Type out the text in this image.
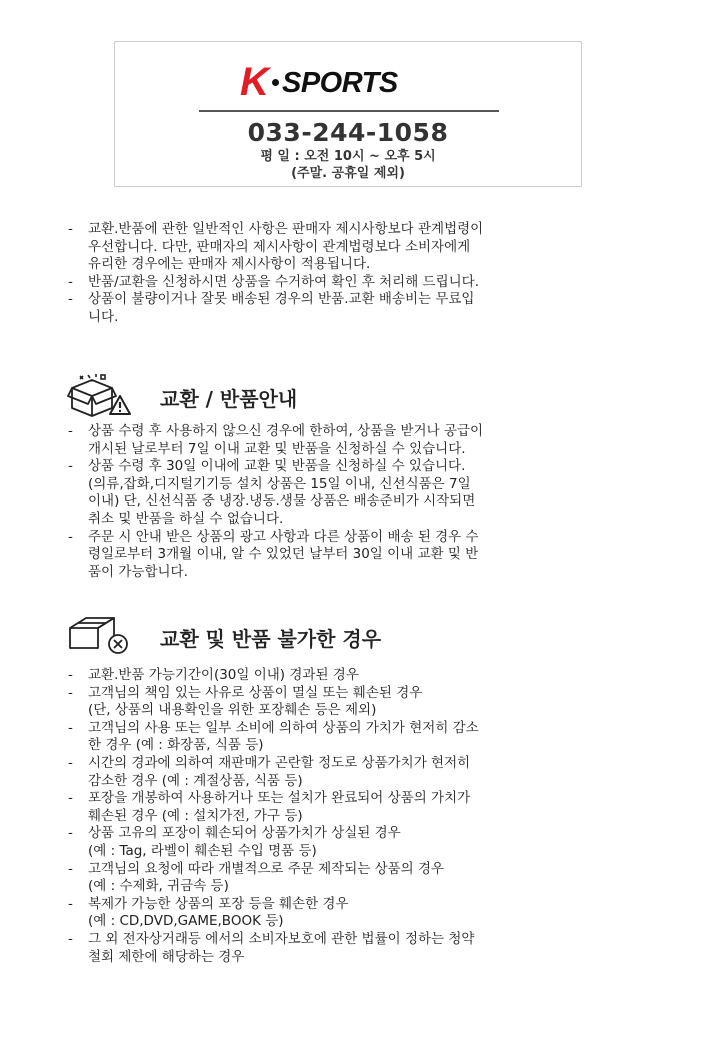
K SPORTS
033-244-1058
평 일 : 오전 10시 ~ 오후 5시
(주말. 공휴일 제외)
- 교환.반품에 관한 일반적인 사항은 판매자 제시사항보다 관계법령이
우선합니다. 다만, 판매자의 제시사항이 관계법령보다 소비자에게
유리한 경우에는 판매자 제시사항이 적용됩니다.
- 반품/교환을 신청하시면 상품을 수거하여 확인 후 처리해 드립니다.
- 상품이 불량이거나 잘못 배송된 경우의 반품.교환 배송비는 무료입
니다.
교환 / 반품안내
- 상품 수령 후 사용하지 않으신 경우에 한하여, 상품을 받거나 공급이
개시된 날로부터 7일 이내 교환 및 반품을 신청하실 수 있습니다.
- 상품 수령 후 30일 이내에 교환 및 반품을 신청하실 수 있습니다.
(의류,잡화,디지털기기등 설치 상품은 15일 이내, 신선식품은 7일
이내) 단, 신선식품 중 냉장.냉동.생물 상품은 배송준비가 시작되면
취소 및 반품을 하실 수 없습니다.
- 주문 시 안내 받은 상품의 광고 사항과 다른 상품이 배송 된 경우 수
령일로부터 3개월 이내, 알 수 있었던 날부터 30일 이내 교환 및 반
품이 가능합니다.
교환 및 반품 불가한 경우
- 교환.반품 가능기간이(30일 이내) 경과된 경우
- 고객님의 책임 있는 사유로 상품이 멸실 또는 훼손된 경우
(단, 상품의 내용확인을 위한 포장훼손 등은 제외)
- 고객님의 사용 또는 일부 소비에 의하여 상품의 가치가 현저히 감소
한 경우 (예 : 화장품, 식품 등)
- 시간의 경과에 의하여 재판매가 곤란할 정도로 상품가치가 현저히
감소한 경우 (예 : 계절상품, 식품 등)
- 포장을 개봉하여 사용하거나 또는 설치가 완료되어 상품의 가치가
훼손된 경우 (예 : 설치가전, 가구 등)
- 상품 고유의 포장이 훼손되어 상품가치가 상실된 경우
(예 : Tag, 라벨이 훼손된 수입 명품 등)
- 고객님의 요청에 따라 개별적으로 주문 제작되는 상품의 경우
(예 : 수제화, 귀금속 등)
- 복제가 가능한 상품의 포장 등을 훼손한 경우
(예 : CD,DVD,GAME,BOOK 등)
- 그 외 전자상거래등 에서의 소비자보호에 관한 법률이 정하는 청약
철회 제한에 해당하는 경우
